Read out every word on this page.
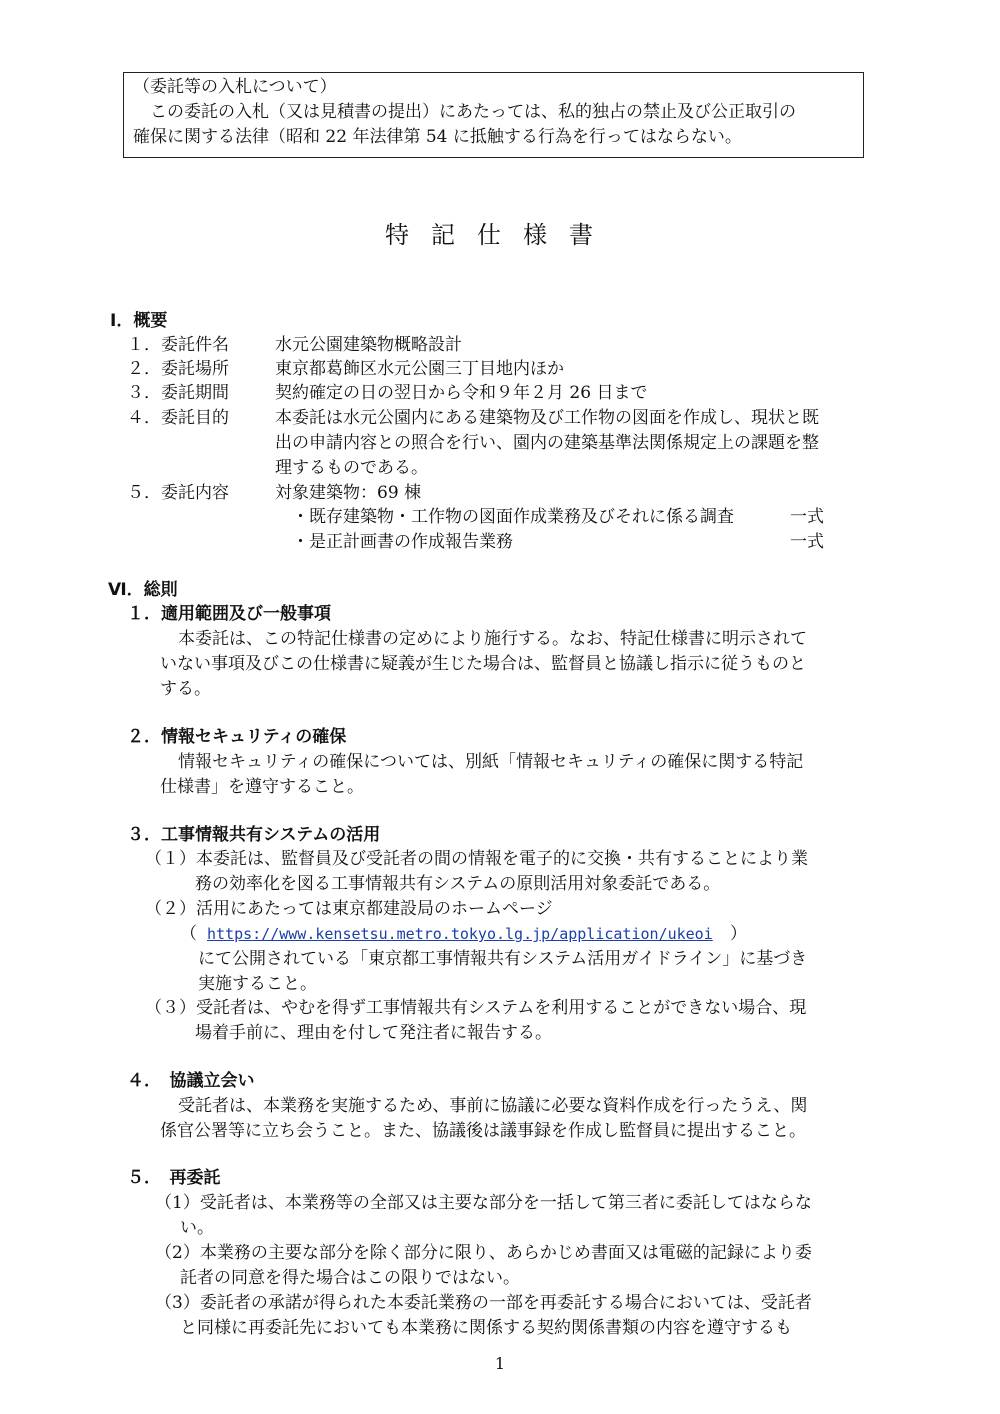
（委託等の入札について）
この委託の入札（又は見積書の提出）にあたっては、私的独占の禁止及び公正取引の
確保に関する法律（昭和 22 年法律第 54 に抵触する行為を行ってはならない。
特記仕様書
Ⅰ．概要
１．委託件名	水元公園建築物概略設計
２．委託場所	東京都葛飾区水元公園三丁目地内ほか
３．委託期間	契約確定の日の翌日から令和９年２月 26 日まで
４．委託目的	本委託は水元公園内にある建築物及び工作物の図面を作成し、現状と既
出の申請内容との照合を行い、園内の建築基準法関係規定上の課題を整
理するものである。
５．委託内容	対象建築物：69 棟
・既存建築物・工作物の図面作成業務及びそれに係る調査	一式
・是正計画書の作成報告業務	一式
Ⅵ．総則
１．適用範囲及び一般事項
本委託は、この特記仕様書の定めにより施行する。なお、特記仕様書に明示されて
いない事項及びこの仕様書に疑義が生じた場合は、監督員と協議し指示に従うものと
する。
２．情報セキュリティの確保
情報セキュリティの確保については、別紙「情報セキュリティの確保に関する特記
仕様書」を遵守すること。
３．工事情報共有システムの活用
（１）本委託は、監督員及び受託者の間の情報を電子的に交換・共有することにより業
務の効率化を図る工事情報共有システムの原則活用対象委託である。
（２）活用にあたっては東京都建設局のホームページ
（ https://www.kensetsu.metro.tokyo.lg.jp/application/ukeoi ）
にて公開されている「東京都工事情報共有システム活用ガイドライン」に基づき
実施すること。
（３）受託者は、やむを得ず工事情報共有システムを利用することができない場合、現
場着手前に、理由を付して発注者に報告する。
４．　協議立会い
受託者は、本業務を実施するため、事前に協議に必要な資料作成を行ったうえ、関
係官公署等に立ち会うこと。また、協議後は議事録を作成し監督員に提出すること。
５．　再委託
（1）受託者は、本業務等の全部又は主要な部分を一括して第三者に委託してはならな
い。
（2）本業務の主要な部分を除く部分に限り、あらかじめ書面又は電磁的記録により委
託者の同意を得た場合はこの限りではない。
（3）委託者の承諾が得られた本委託業務の一部を再委託する場合においては、受託者
と同様に再委託先においても本業務に関係する契約関係書類の内容を遵守するも
1
